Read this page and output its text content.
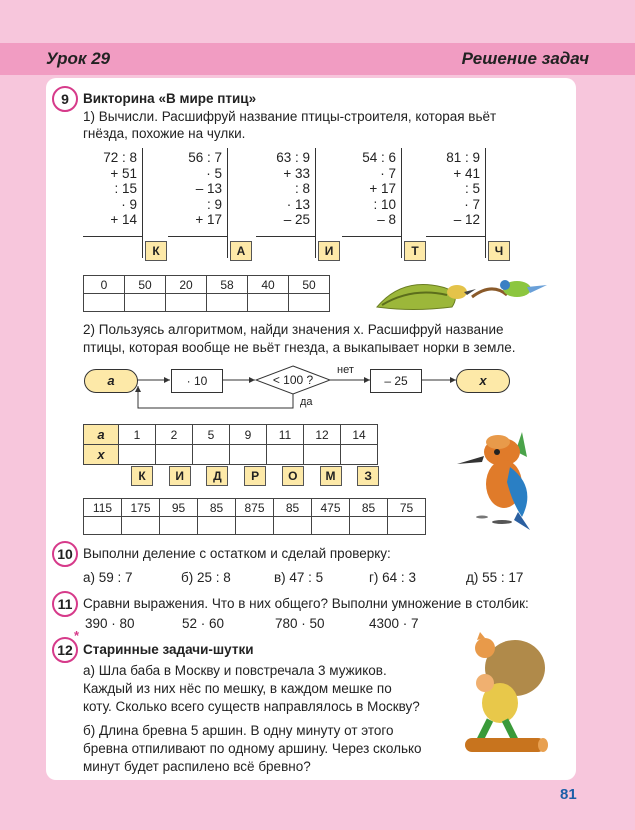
Урок 29	Решение задач
9	Викторина «В мире птиц»
1) Вычисли. Расшифруй название птицы-строителя, которая вьёт
гнёзда, похожие на чулки.
72 : 8
+ 51
: 15
· 9
+ 14
К
56 : 7
· 5
– 13
: 9
+ 17
А
63 : 9
+ 33
: 8
· 13
– 25
И
54 : 6
· 7
+ 17
: 10
– 8
Т
81 : 9
+ 41
: 5
· 7
– 12
Ч
0	50	20	58	40	50

2) Пользуясь алгоритмом, найди значения x. Расшифруй название
птицы, которая вообще не вьёт гнезда, а выкапывает норки в земле.
a	· 10	< 100 ?
нет
да
– 25	x
a	1	2	5	9	11	12	14
x							
К	И	Д	Р	О	М	З
115	175	95	85	875	85	475	85	75

10 Выполни деление с остатком и сделай проверку:
а) 59 : 7	б) 25 : 8	в) 47 : 5	г) 64 : 3	д) 55 : 17
11 Сравни выражения. Что в них общего? Выполни умножение в столбик:
390 · 80	52 · 60	780 · 50	4300 · 7
12
*
Старинные задачи-шутки
а) Шла баба в Москву и повстречала 3 мужиков.
Каждый из них нёс по мешку, в каждом мешке по
коту. Сколько всего существ направлялось в Москву?
б) Длина бревна 5 аршин. В одну минуту от этого
бревна отпиливают по одному аршину. Через сколько
минут будет распилено всё бревно?
81
